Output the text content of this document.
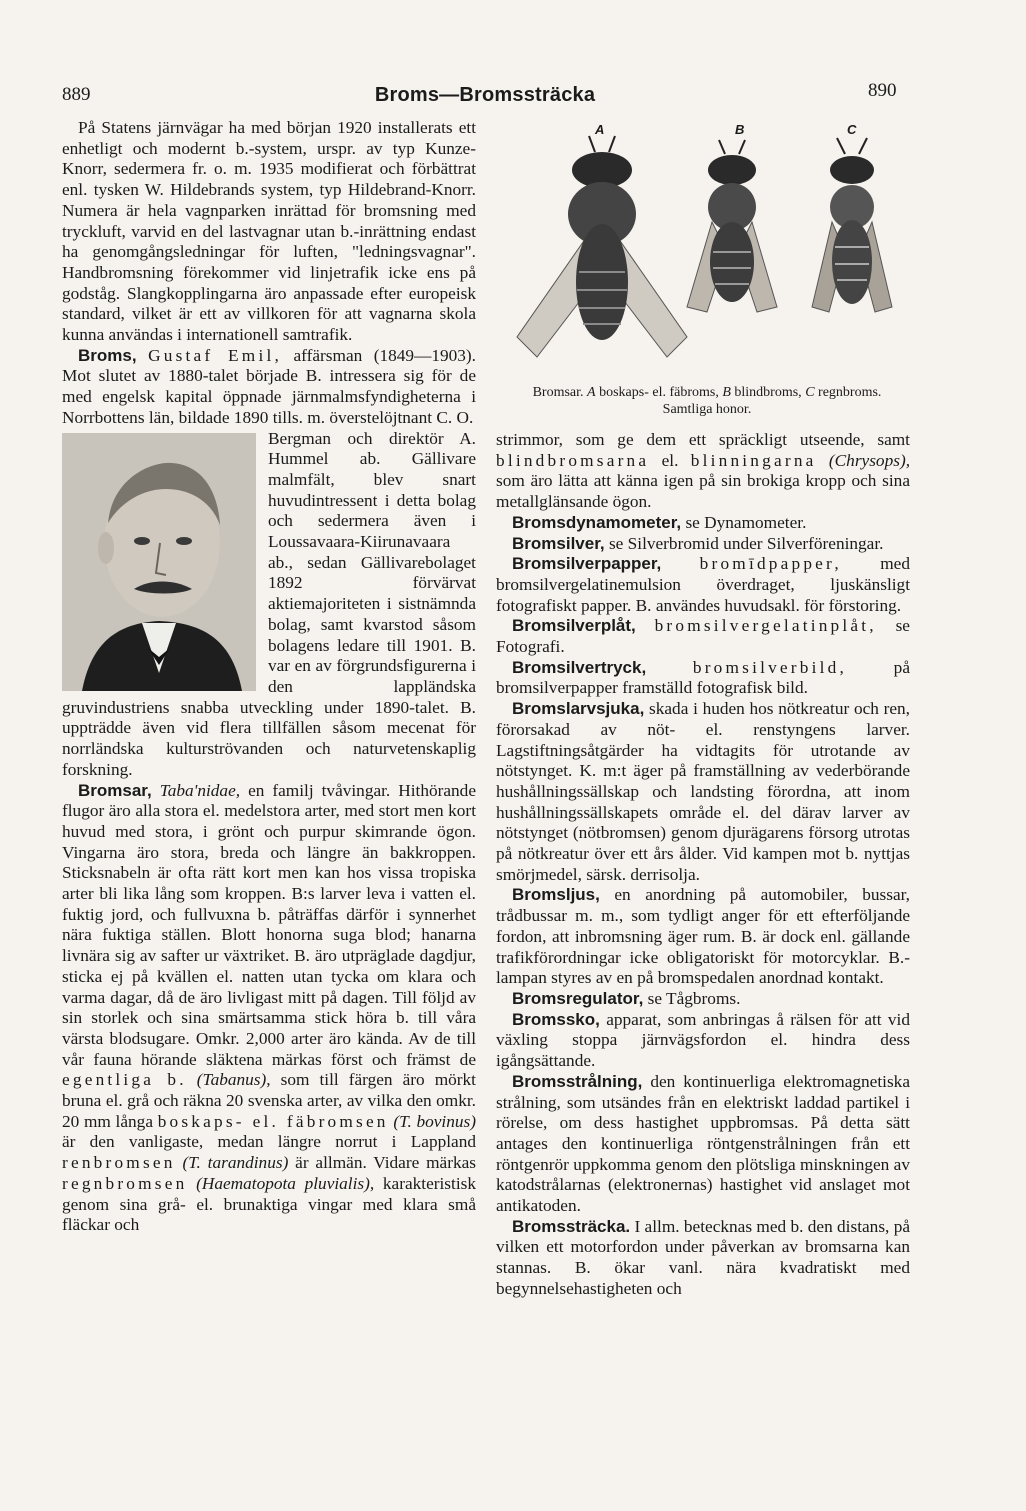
889	Broms—Bromssträcka	890
A	B	C
Bromsar. A boskaps- el. fäbroms, B blindbroms, C regnbroms. Samtliga honor.

På Statens järnvägar ha med början 1920 installerats ett enhetligt och modernt b.-system, urspr. av typ Kunze-Knorr, sedermera fr. o. m. 1935 modifierat och förbättrat enl. tysken W. Hildebrands system, typ Hildebrand-Knorr. Numera är hela vagnparken inrättad för bromsning med tryckluft, varvid en del lastvagnar utan b.-inrättning endast ha genomgångsledningar för luften, "ledningsvagnar". Handbromsning förekommer vid linjetrafik icke ens på godståg. Slangkopplingarna äro anpassade efter europeisk standard, vilket är ett av villkoren för att vagnarna skola kunna användas i internationell samtrafik.

Broms, Gustaf Emil, affärsman (1849—1903). Mot slutet av 1880-talet började B. intressera sig för de med engelsk kapital öppnade järnmalmsfyndigheterna i Norrbottens län, bildade 1890 tills. m. överstelöjtnant C. O.

Bergman och direktör A. Hummel ab. Gällivare malmfält, blev snart huvudintressent i detta bolag och sedermera även i Loussavaara-Kiirunavaara ab., sedan Gällivarebolaget 1892 förvärvat aktiemajoriteten i sistnämnda bolag, samt kvarstod såsom bolagens ledare till 1901. B. var en av förgrundsfigurerna i den lappländska gruvindustriens snabba utveckling under 1890-talet. B. uppträdde även vid flera tillfällen såsom mecenat för norrländska kulturströvanden och naturvetenskaplig forskning.

Bromsar, Taba'nidae, en familj tvåvingar. Hithörande flugor äro alla stora el. medelstora arter, med stort men kort huvud med stora, i grönt och purpur skimrande ögon. Vingarna äro stora, breda och längre än bakkroppen. Sticksnabeln är ofta rätt kort men kan hos vissa tropiska arter bli lika lång som kroppen. B:s larver leva i vatten el. fuktig jord, och fullvuxna b. påträffas därför i synnerhet nära fuktiga ställen. Blott honorna suga blod; hanarna livnära sig av safter ur växtriket. B. äro utpräglade dagdjur, sticka ej på kvällen el. natten utan tycka om klara och varma dagar, då de äro livligast mitt på dagen. Till följd av sin storlek och sina smärtsamma stick höra b. till våra värsta blodsugare. Omkr. 2,000 arter äro kända. Av de till vår fauna hörande släktena märkas först och främst de egentliga b. (Tabanus), som till färgen äro mörkt bruna el. grå och räkna 20 svenska arter, av vilka den omkr. 20 mm långa boskaps- el. fäbromsen (T. bovinus) är den vanligaste, medan längre norrut i Lappland renbromsen (T. tarandinus) är allmän. Vidare märkas regnbromsen (Haematopota pluvialis), karakteristisk genom sina grå- el. brunaktiga vingar med klara små fläckar och

strimmor, som ge dem ett spräckligt utseende, samt blindbromsarna el. blinningarna (Chrysops), som äro lätta att känna igen på sin brokiga kropp och sina metallglänsande ögon.

Bromsdynamometer, se Dynamometer.

Bromsilver, se Silverbromid under Silverföreningar.

Bromsilverpapper, bromīdpapper, med bromsilvergelatinemulsion överdraget, ljuskänsligt fotografiskt papper. B. användes huvudsakl. för förstoring.

Bromsilverplåt, bromsilvergelatinplåt, se Fotografi.

Bromsilvertryck,	bromsilverbild,	på bromsilverpapper framställd fotografisk bild.

Bromslarvsjuka, skada i huden hos nötkreatur och ren, förorsakad av nöt- el. renstyngens larver. Lagstiftningsåtgärder ha vidtagits för utrotande av nötstynget. K. m:t äger på framställning av vederbörande hushållningssällskap och landsting förordna, att inom hushållningssällskapets område el. del därav larver av nötstynget (nötbromsen) genom djurägarens försorg utrotas på nötkreatur över ett års ålder. Vid kampen mot b. nyttjas smörjmedel, särsk. derrisolja.

Bromsljus, en anordning på automobiler, bussar, trådbussar m. m., som tydligt anger för ett efterföljande fordon, att inbromsning äger rum. B. är dock enl. gällande trafikförordningar icke obligatoriskt för motorcyklar. B.-lampan styres av en på bromspedalen anordnad kontakt.

Bromsregulator, se Tågbroms.

Bromssko, apparat, som anbringas å rälsen för att vid växling stoppa järnvägsfordon el. hindra dess igångsättande.

Bromsstrålning, den kontinuerliga elektromagnetiska strålning, som utsändes från en elektriskt laddad partikel i rörelse, om dess hastighet uppbromsas. På detta sätt antages den kontinuerliga röntgenstrålningen från ett röntgenrör uppkomma genom den plötsliga minskningen av katodstrålarnas (elektronernas) hastighet vid anslaget mot antikatoden.

Bromssträcka. I allm. betecknas med b. den distans, på vilken ett motorfordon under påverkan av bromsarna kan stannas. B. ökar vanl. nära kvadratiskt med begynnelsehastigheten och
